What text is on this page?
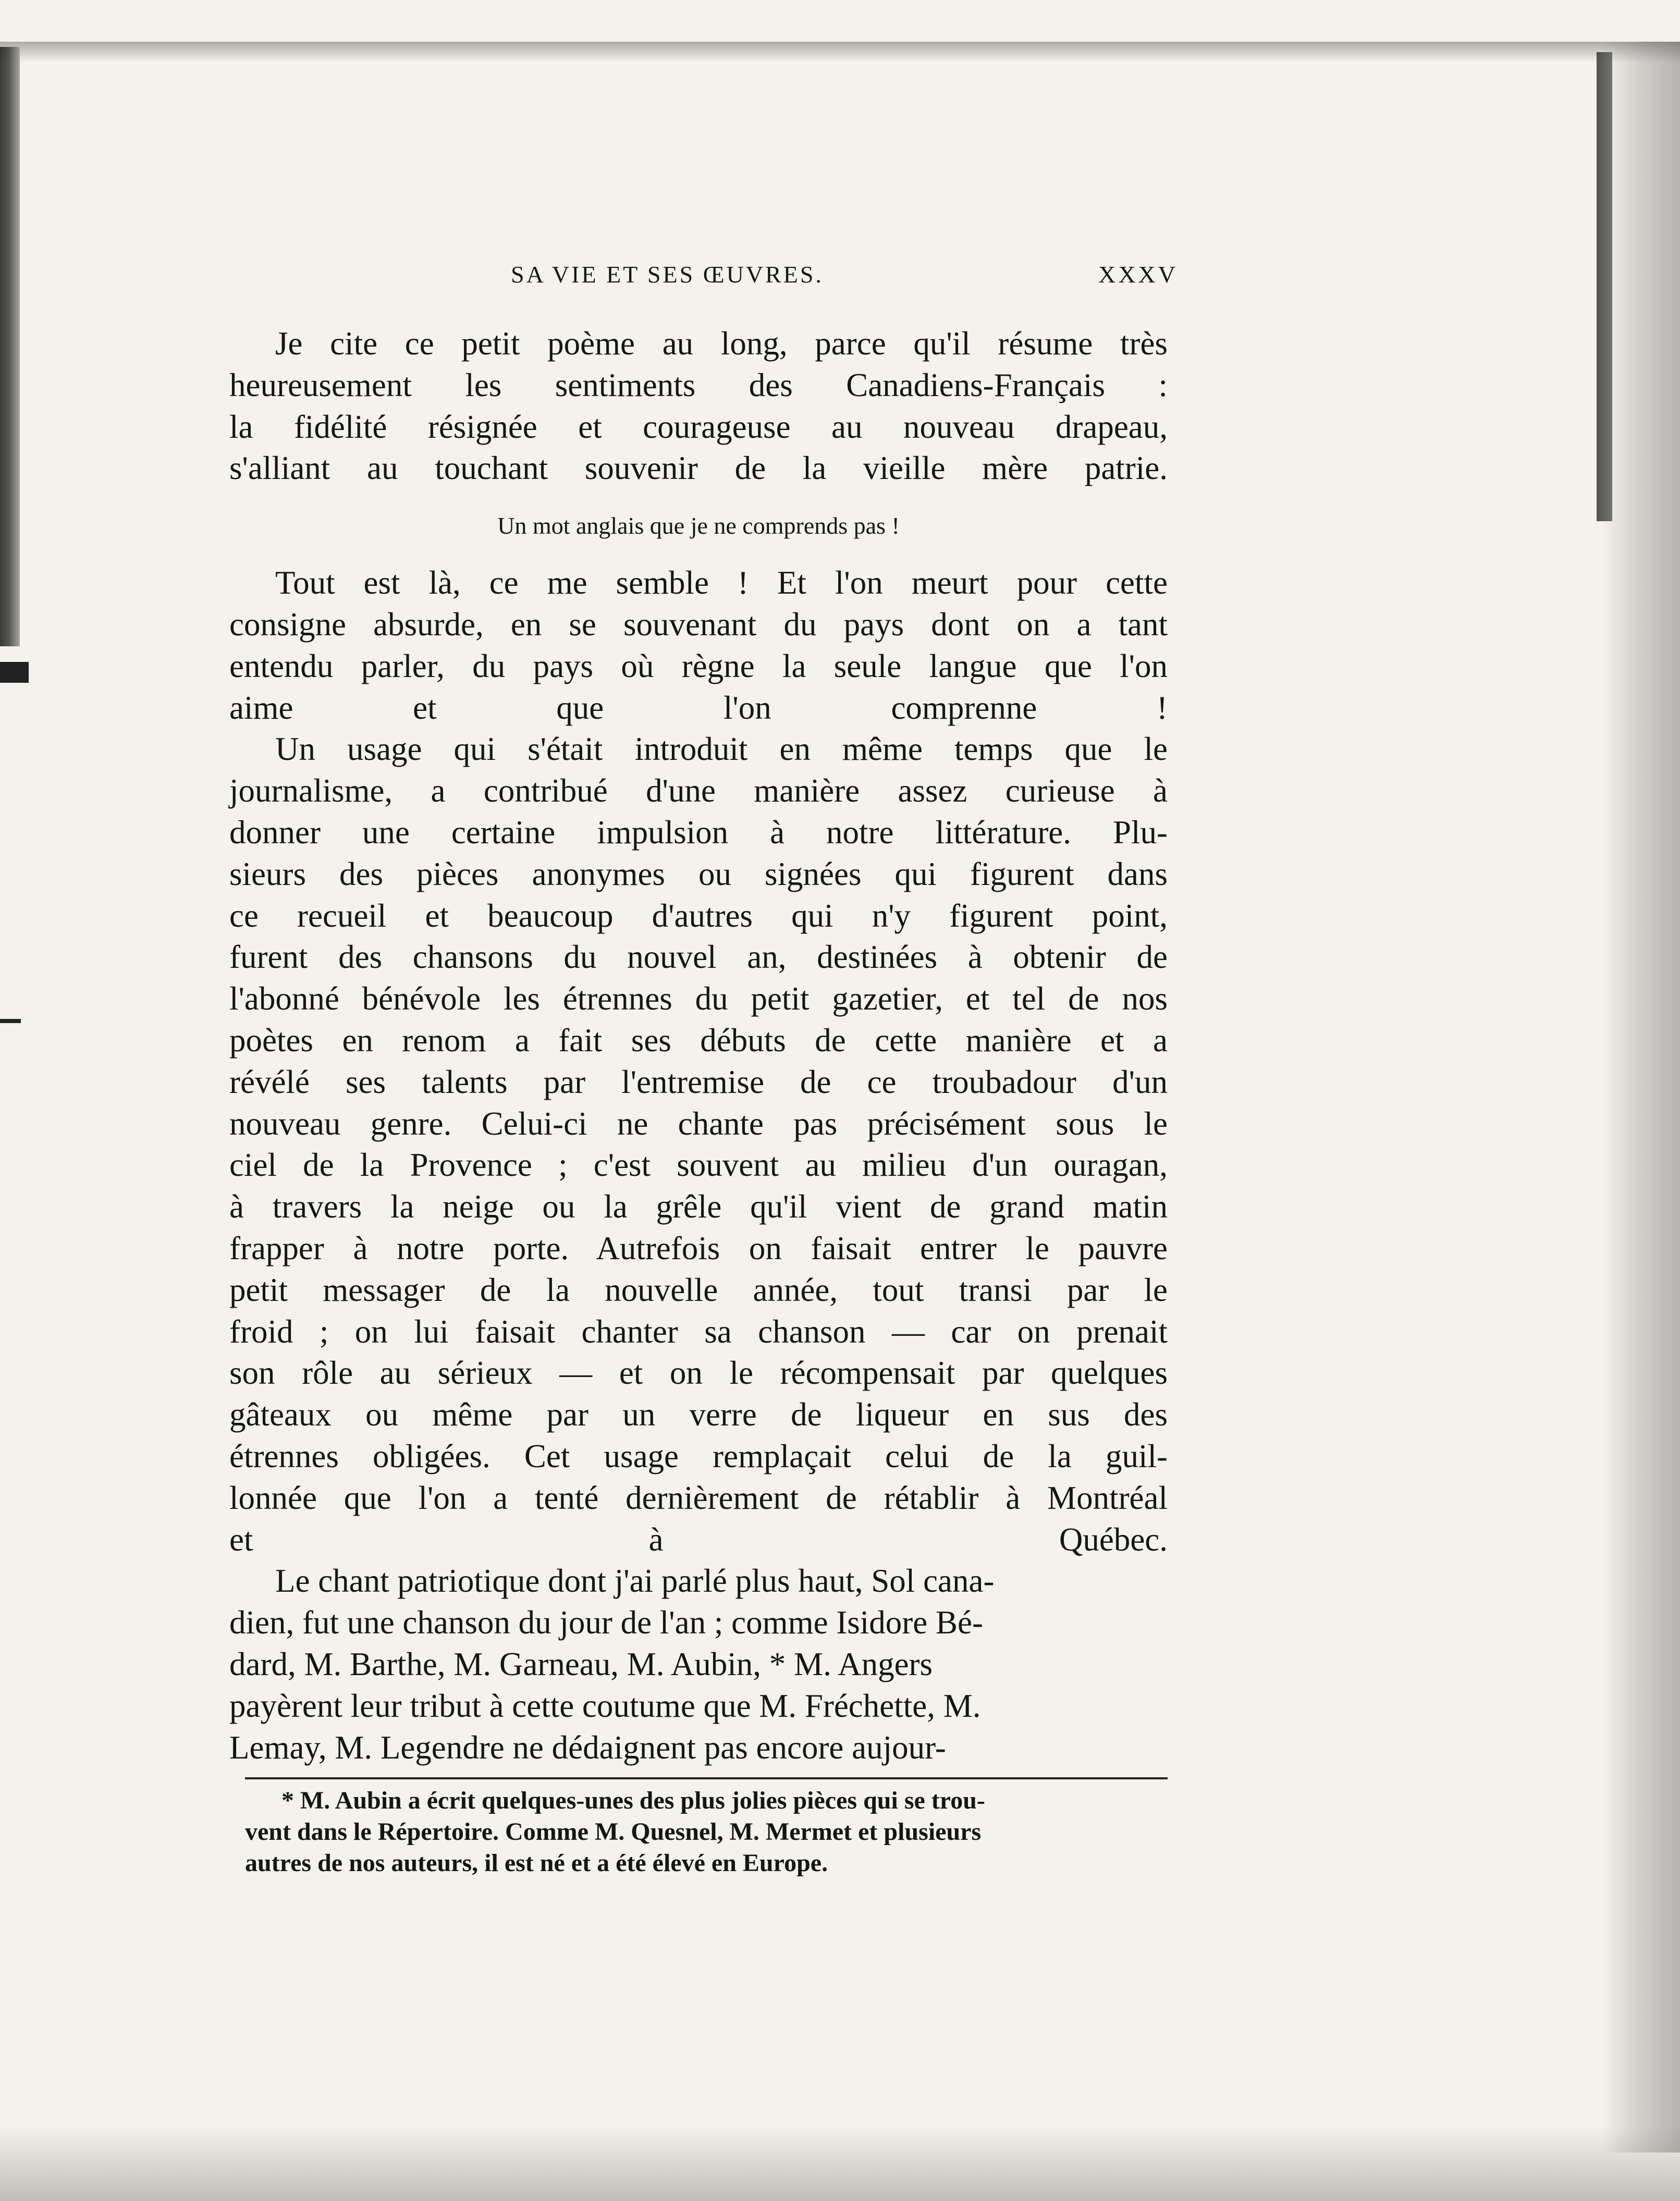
SA VIE ET SES ŒUVRES.	XXXV

Je cite ce petit poème au long, parce qu'il résume très
heureusement les sentiments des Canadiens-Français :
la fidélité résignée et courageuse au nouveau drapeau,
s'alliant au touchant souvenir de la vieille mère patrie.

Un mot anglais que je ne comprends pas !

Tout est là, ce me semble ! Et l'on meurt pour cette
consigne absurde, en se souvenant du pays dont on a tant
entendu parler, du pays où règne la seule langue que l'on
aime et que l'on comprenne !

Un usage qui s'était introduit en même temps que le
journalisme, a contribué d'une manière assez curieuse à
donner une certaine impulsion à notre littérature. Plu-
sieurs des pièces anonymes ou signées qui figurent dans
ce recueil et beaucoup d'autres qui n'y figurent point,
furent des chansons du nouvel an, destinées à obtenir de
l'abonné bénévole les étrennes du petit gazetier, et tel de nos
poètes en renom a fait ses débuts de cette manière et a
révélé ses talents par l'entremise de ce troubadour d'un
nouveau genre. Celui-ci ne chante pas précisément sous le
ciel de la Provence ; c'est souvent au milieu d'un ouragan,
à travers la neige ou la grêle qu'il vient de grand matin
frapper à notre porte. Autrefois on faisait entrer le pauvre
petit messager de la nouvelle année, tout transi par le
froid ; on lui faisait chanter sa chanson — car on prenait
son rôle au sérieux — et on le récompensait par quelques
gâteaux ou même par un verre de liqueur en sus des
étrennes obligées. Cet usage remplaçait celui de la guil-
lonnée que l'on a tenté dernièrement de rétablir à Montréal
et à Québec.

Le chant patriotique dont j'ai parlé plus haut, Sol cana-
dien, fut une chanson du jour de l'an ; comme Isidore Bé-
dard, M. Barthe, M. Garneau, M. Aubin, * M. Angers
payèrent leur tribut à cette coutume que M. Fréchette, M.
Lemay, M. Legendre ne dédaignent pas encore aujour-

* M. Aubin a écrit quelques-unes des plus jolies pièces qui se trou-
vent dans le Répertoire. Comme M. Quesnel, M. Mermet et plusieurs
autres de nos auteurs, il est né et a été élevé en Europe.
